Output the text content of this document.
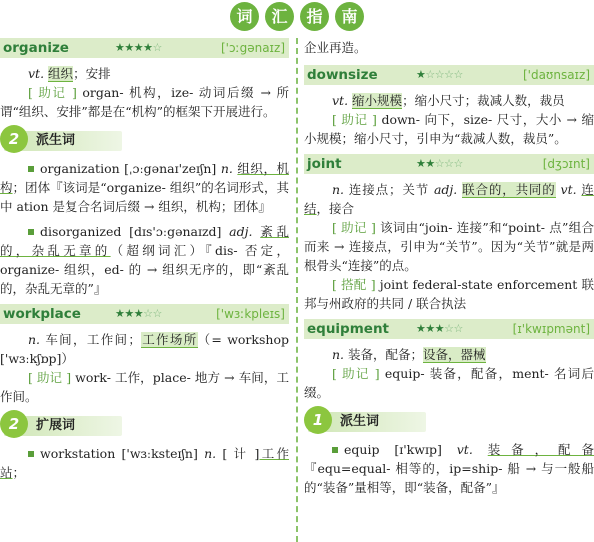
词 汇 指 南
organize	★★★★☆	['ɔːgənaɪz]

vt. 组织；安排

[ 助记 ] organ- 机构，ize- 动词后缀 → 所谓“组织、安排”都是在“机构”的框架下开展进行。

2	派生词

organization [ˌɔːgənaɪ'zeɪʃn] n. 组织，机构；团体『该词是“organize- 组织”的名词形式，其中 ation 是复合名词后缀 → 组织，机构；团体』

disorganized [dɪs'ɔːgənaɪzd] adj. 紊乱的，杂乱无章的（超纲词汇）『dis- 否定，organize- 组织，ed- 的 → 组织无序的，即“紊乱的，杂乱无章的”』

workplace	★★★☆☆	['wɜːkpleɪs]

n. 车间，工作间；工作场所（= workshop ['wɜːkʃɒp]）

[ 助记 ] work- 工作，place- 地方 → 车间，工作间。

2	扩展词

workstation ['wɜːksteɪʃn] n. [ 计 ]工作站；

企业再造。

downsize	★☆☆☆☆	['daʊnsaɪz]

vt. 缩小规模；缩小尺寸；裁减人数，裁员

[ 助记 ] down- 向下，size- 尺寸，大小 → 缩小规模；缩小尺寸，引申为“裁减人数，裁员”。

joint	★★☆☆☆	[dʒɔɪnt]

n. 连接点；关节 adj. 联合的，共同的 vt. 连结，接合

[ 助记 ] 该词由“join- 连接”和“point- 点”组合而来 → 连接点，引申为“关节”。因为“关节”就是两根骨头“连接”的点。

[ 搭配 ] joint federal-state enforcement 联邦与州政府的共同 / 联合执法

equipment ★★★☆☆	[ɪ'kwɪpmənt]

n. 装备，配备；设备，器械

[ 助记 ] equip- 装备，配备，ment- 名词后缀。

1	派生词

equip [ɪ'kwɪp] vt. 装备，配备『equ=equal- 相等的，ip=ship- 船 → 与一般船的“装备”量相等，即“装备，配备”』
